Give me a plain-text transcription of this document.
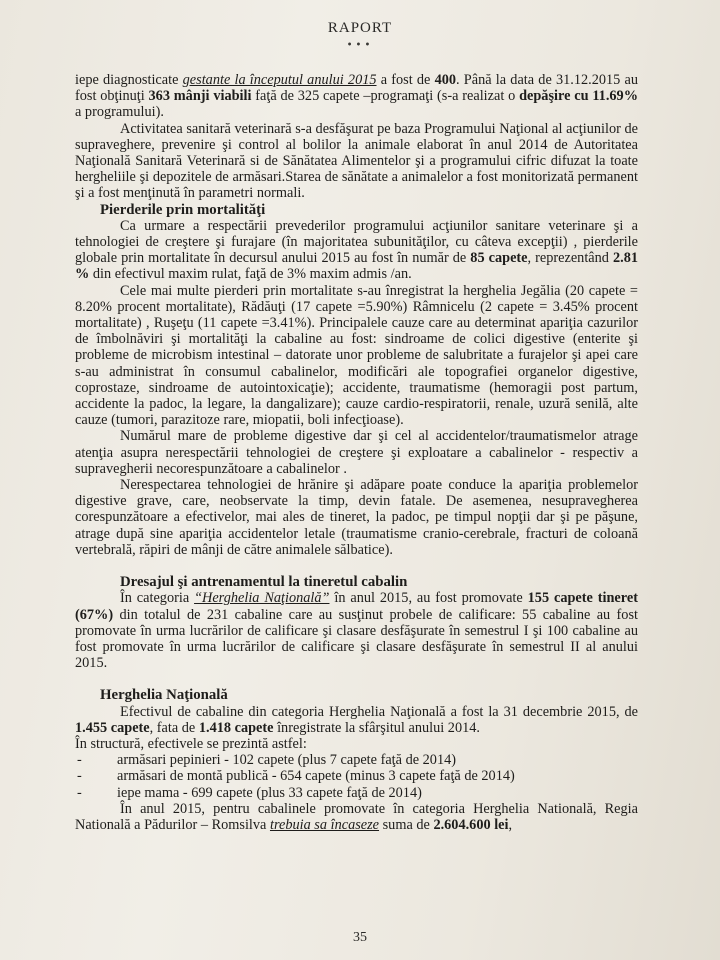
RAPORT
•••

iepe diagnosticate gestante la începutul anului 2015 a fost de 400. Până la data de 31.12.2015 au fost obţinuţi 363 mânji viabili faţă de 325 capete –programaţi (s-a realizat o depăşire cu 11.69% a programului).

Activitatea sanitară veterinară s-a desfăşurat pe baza Programului Naţional al acţiunilor de supraveghere, prevenire şi control al bolilor la animale elaborat în anul 2014 de Autoritatea Naţională Sanitară Veterinară si de Sănătatea Alimentelor şi a programului cifric difuzat la toate hergheliile şi depozitele de armăsari.Starea de sănătate a animalelor a fost monitorizată permanent şi a fost menţinută în parametri normali.

Pierderile prin mortalităţi

Ca urmare a respectării prevederilor programului acţiunilor sanitare veterinare şi a tehnologiei de creştere şi furajare (în majoritatea subunităţilor, cu câteva excepţii) , pierderile globale prin mortalitate în decursul anului 2015 au fost în număr de 85 capete, reprezentând 2.81 % din efectivul maxim rulat, faţă de 3% maxim admis /an.

Cele mai multe pierderi prin mortalitate s-au înregistrat la herghelia Jegălia (20 capete = 8.20% procent mortalitate), Rădăuţi (17 capete =5.90%) Râmnicelu (2 capete = 3.45% procent mortalitate) , Ruşeţu (11 capete =3.41%). Principalele cauze care au determinat apariţia cazurilor de îmbolnăviri şi mortalităţi la cabaline au fost: sindroame de colici digestive (enterite şi probleme de microbism intestinal – datorate unor probleme de salubritate a furajelor şi apei care s-au administrat în consumul cabalinelor, modificări ale topografiei organelor digestive, coprostaze, sindroame de autointoxicaţie); accidente, traumatisme (hemoragii post partum, accidente la padoc, la legare, la dangalizare); cauze cardio-respiratorii, renale, uzură senilă, alte cauze (tumori, parazitoze rare, miopatii, boli infecţioase).

Numărul mare de probleme digestive dar şi cel al accidentelor/traumatismelor atrage atenţia asupra nerespectării tehnologiei de creştere şi exploatare a cabalinelor - respectiv a supravegherii necorespunzătoare a cabalinelor .

Nerespectarea tehnologiei de hrănire şi adăpare poate conduce la apariţia problemelor digestive grave, care, neobservate la timp, devin fatale. De asemenea, nesupravegherea corespunzătoare a efectivelor, mai ales de tineret, la padoc, pe timpul nopţii dar şi pe păşune, atrage după sine apariţia accidentelor letale (traumatisme cranio-cerebrale, fracturi de coloană vertebrală, răpiri de mânji de către animalele sălbatice).

Dresajul şi antrenamentul la tineretul cabalin

În categoria “Herghelia Naţională” în anul 2015, au fost promovate 155 capete tineret (67%) din totalul de 231 cabaline care au susţinut probele de calificare: 55 cabaline au fost promovate în urma lucrărilor de calificare şi clasare desfăşurate în semestrul I şi 100 cabaline au fost promovate în urma lucrărilor de calificare şi clasare desfăşurate în semestrul II al anului 2015.

Herghelia Naţională

Efectivul de cabaline din categoria Herghelia Naţională a fost la 31 decembrie 2015, de 1.455 capete, fata de 1.418 capete înregistrate la sfârşitul anului 2014.

În structură, efectivele se prezintă astfel:

- armăsari pepinieri - 102 capete (plus 7 capete faţă de 2014)
- armăsari de montă publică - 654 capete (minus 3 capete faţă de 2014)
- iepe mama - 699 capete (plus 33 capete faţă de 2014)

În anul 2015, pentru cabalinele promovate în categoria Herghelia Natională, Regia Natională a Pădurilor – Romsilva trebuia sa încaseze suma de 2.604.600 lei,

35
